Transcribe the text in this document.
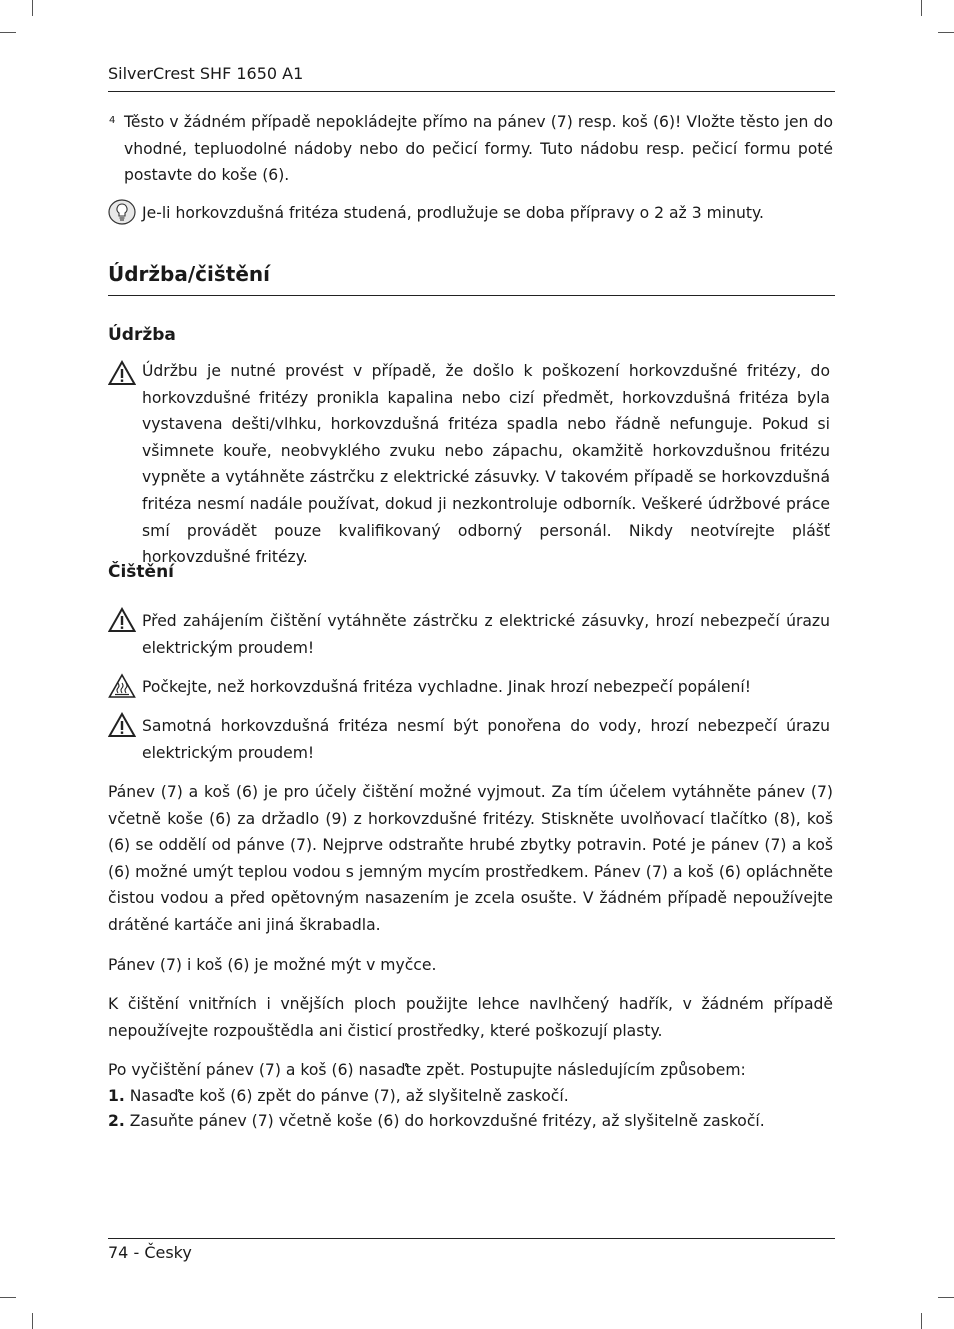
SilverCrest SHF 1650 A1
4 Těsto v žádném případě nepokládejte přímo na pánev (7) resp. koš (6)! Vložte těsto jen do vhodné, tepluodolné nádoby nebo do pečicí formy. Tuto nádobu resp. pečicí formu poté postavte do koše (6).
Je-li horkovzdušná fritéza studená, prodlužuje se doba přípravy o 2 až 3 minuty.
Údržba/čištění
Údržba
Údržbu je nutné provést v případě, že došlo k poškození horkovzdušné fritézy, do horkovzdušné fritézy pronikla kapalina nebo cizí předmět, horkovzdušná fritéza byla vystavena dešti/vlhku, horkovzdušná fritéza spadla nebo řádně nefunguje. Pokud si všimnete kouře, neobvyklého zvuku nebo zápachu, okamžitě horkovzdušnou fritézu vypněte a vytáhněte zástrčku z elektrické zásuvky. V takovém případě se horkovzdušná fritéza nesmí nadále používat, dokud ji nezkontroluje odborník. Veškeré údržbové práce smí provádět pouze kvalifikovaný odborný personál. Nikdy neotvírejte plášť horkovzdušné fritézy.
Čištění
Před zahájením čištění vytáhněte zástrčku z elektrické zásuvky, hrozí nebezpečí úrazu elektrickým proudem!
Počkejte, než horkovzdušná fritéza vychladne. Jinak hrozí nebezpečí popálení!
Samotná horkovzdušná fritéza nesmí být ponořena do vody, hrozí nebezpečí úrazu elektrickým proudem!
Pánev (7) a koš (6) je pro účely čištění možné vyjmout. Za tím účelem vytáhněte pánev (7) včetně koše (6) za držadlo (9) z horkovzdušné fritézy. Stiskněte uvolňovací tlačítko (8), koš (6) se oddělí od pánve (7). Nejprve odstraňte hrubé zbytky potravin. Poté je pánev (7) a koš (6) možné umýt teplou vodou s jemným mycím prostředkem. Pánev (7) a koš (6) opláchněte čistou vodou a před opětovným nasazením je zcela osušte. V žádném případě nepoužívejte drátěné kartáče ani jiná škrabadla.
Pánev (7) i koš (6) je možné mýt v myčce.
K čištění vnitřních i vnějších ploch použijte lehce navlhčený hadřík, v žádném případě nepoužívejte rozpouštědla ani čisticí prostředky, které poškozují plasty.
Po vyčištění pánev (7) a koš (6) nasaďte zpět. Postupujte následujícím způsobem:
1. Nasaďte koš (6) zpět do pánve (7), až slyšitelně zaskočí.
2. Zasuňte pánev (7) včetně koše (6) do horkovzdušné fritézy, až slyšitelně zaskočí.
74 - Česky
